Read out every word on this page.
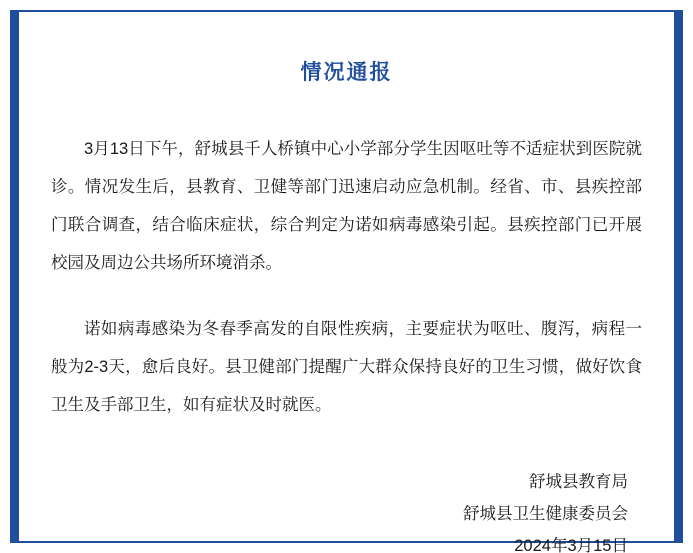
情况通报

3月13日下午，舒城县千人桥镇中心小学部分学生因呕吐等不适症状到医院就诊。情况发生后，县教育、卫健等部门迅速启动应急机制。经省、市、县疾控部门联合调查，结合临床症状，综合判定为诺如病毒感染引起。县疾控部门已开展校园及周边公共场所环境消杀。

诺如病毒感染为冬春季高发的自限性疾病，主要症状为呕吐、腹泻，病程一般为2-3天，愈后良好。县卫健部门提醒广大群众保持良好的卫生习惯，做好饮食卫生及手部卫生，如有症状及时就医。

舒城县教育局
舒城县卫生健康委员会
2024年3月15日
